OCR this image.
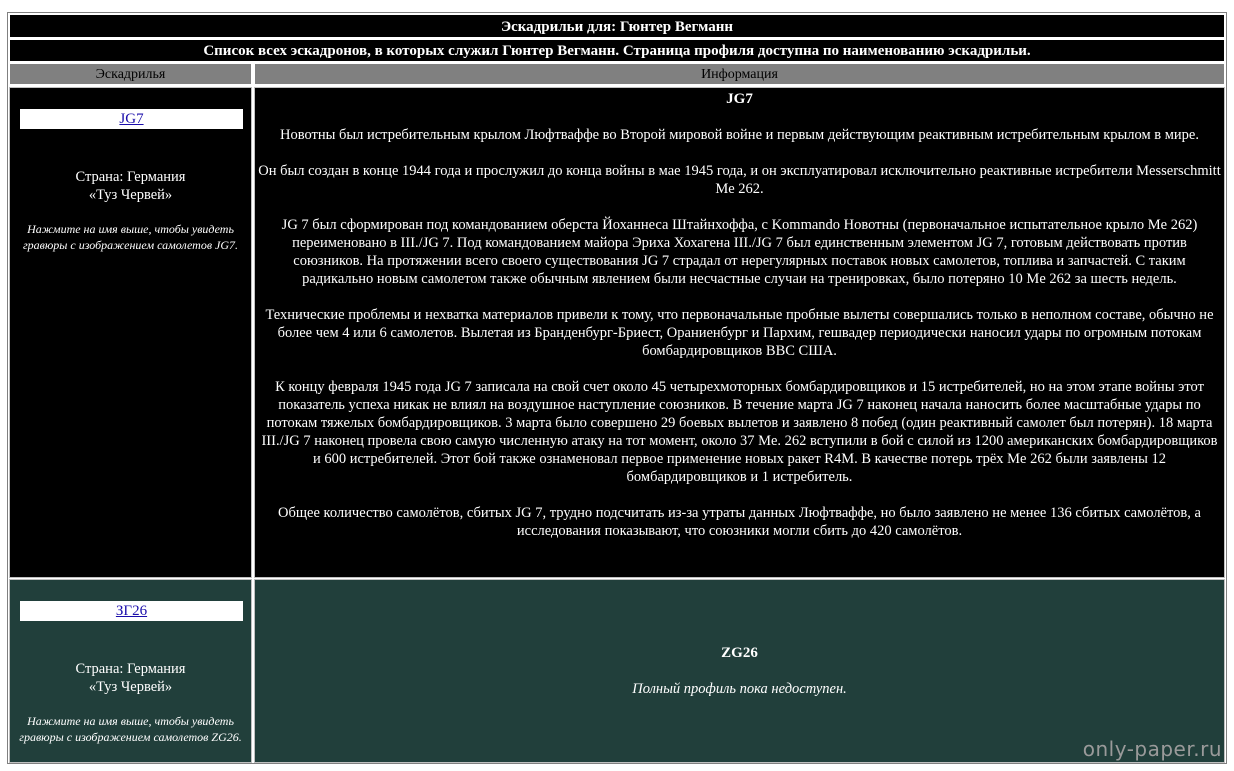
Эскадрильи для: Гюнтер Вегманн
Список всех эскадронов, в которых служил Гюнтер Вегманн. Страница профиля доступна по наименованию эскадрильи.
Эскадрилья	Информация
JG7
Страна: Германия
«Туз Червей»
Нажмите на имя выше, чтобы увидеть гравюры с изображением самолетов JG7.
JG7

Новотны был истребительным крылом Люфтваффе во Второй мировой войне и первым действующим реактивным истребительным крылом в мире.

Он был создан в конце 1944 года и прослужил до конца войны в мае 1945 года, и он эксплуатировал исключительно реактивные истребители Messerschmitt Me 262.

JG 7 был сформирован под командованием оберста Йоханнеса Штайнхоффа, с Kommando Новотны (первоначальное испытательное крыло Me 262) переименовано в III./JG 7. Под командованием майора Эриха Хохагена III./JG 7 был единственным элементом JG 7, готовым действовать против союзников. На протяжении всего своего существования JG 7 страдал от нерегулярных поставок новых самолетов, топлива и запчастей. С таким радикально новым самолетом также обычным явлением были несчастные случаи на тренировках, было потеряно 10 Me 262 за шесть недель.

Технические проблемы и нехватка материалов привели к тому, что первоначальные пробные вылеты совершались только в неполном составе, обычно не более чем 4 или 6 самолетов. Вылетая из Бранденбург-Бриест, Ораниенбург и Пархим, гешвадер периодически наносил удары по огромным потокам бомбардировщиков ВВС США.

К концу февраля 1945 года JG 7 записала на свой счет около 45 четырехмоторных бомбардировщиков и 15 истребителей, но на этом этапе войны этот показатель успеха никак не влиял на воздушное наступление союзников. В течение марта JG 7 наконец начала наносить более масштабные удары по потокам тяжелых бомбардировщиков. 3 марта было совершено 29 боевых вылетов и заявлено 8 побед (один реактивный самолет был потерян). 18 марта III./JG 7 наконец провела свою самую численную атаку на тот момент, около 37 Me. 262 вступили в бой с силой из 1200 американских бомбардировщиков и 600 истребителей. Этот бой также ознаменовал первое применение новых ракет R4M. В качестве потерь трёх Me 262 были заявлены 12 бомбардировщиков и 1 истребитель.

Общее количество самолётов, сбитых JG 7, трудно подсчитать из-за утраты данных Люфтваффе, но было заявлено не менее 136 сбитых самолётов, а исследования показывают, что союзники могли сбить до 420 самолётов.

ЗГ26
Страна: Германия
«Туз Червей»
Нажмите на имя выше, чтобы увидеть гравюры с изображением самолетов ZG26.
ZG26
Полный профиль пока недоступен.
only-paper.ru
